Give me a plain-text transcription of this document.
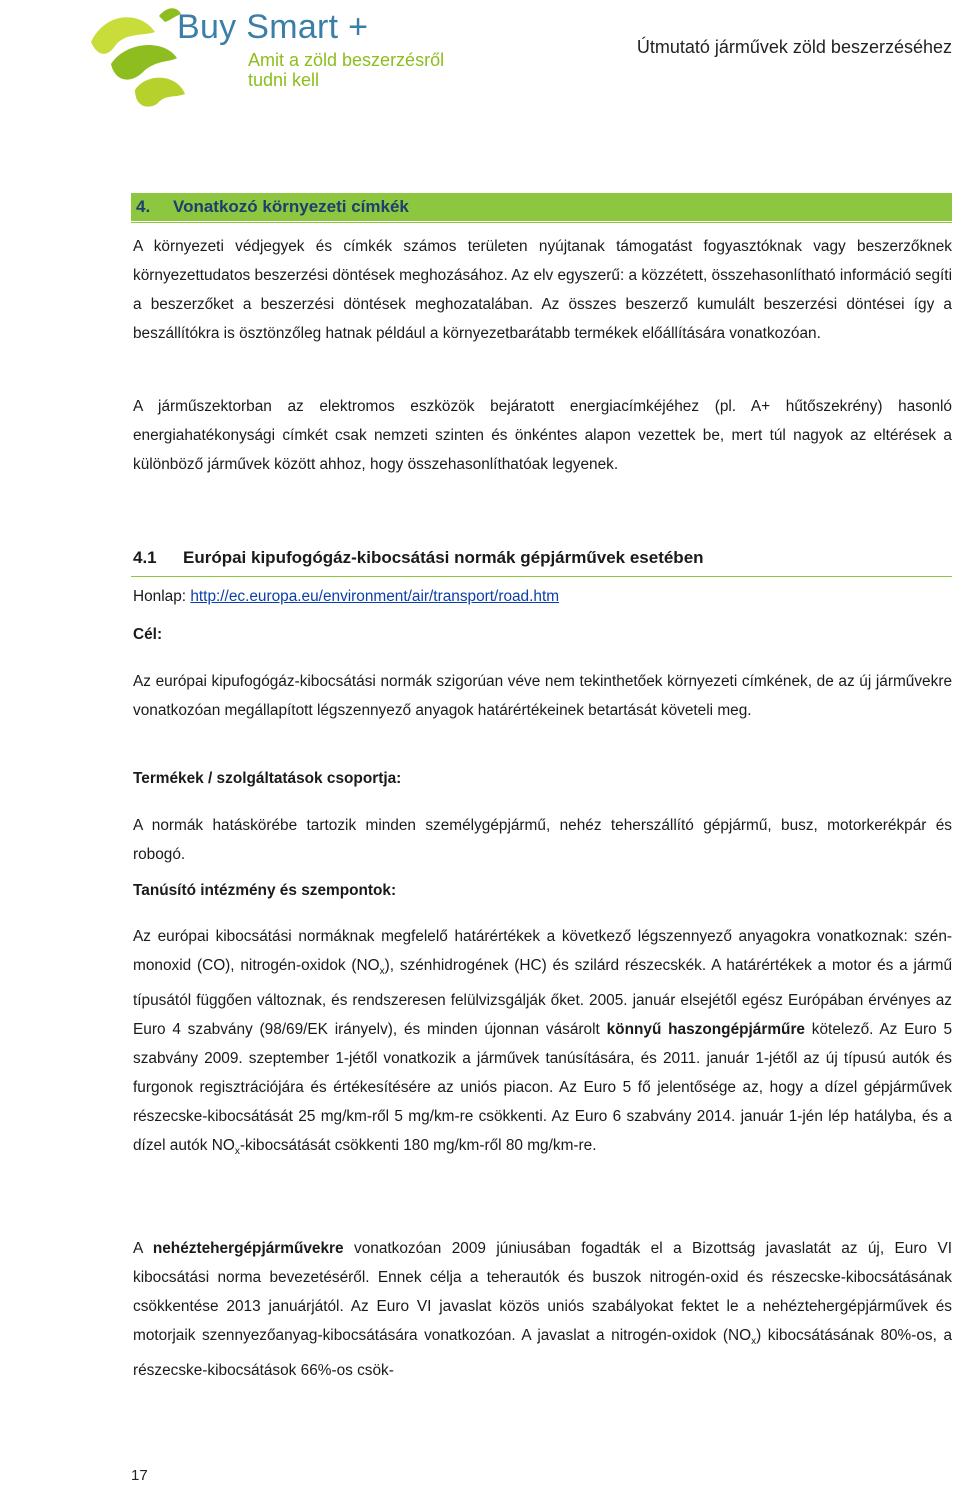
Buy Smart +
Amit a zöld beszerzésről
tudni kell
Útmutató járművek zöld beszerzéséhez
4. Vonatkozó környezeti címkék
A környezeti védjegyek és címkék számos területen nyújtanak támogatást fogyasztóknak vagy beszerzőknek környezettudatos beszerzési döntések meghozásához. Az elv egyszerű: a közzétett, összehasonlítható információ segíti a beszerzőket a beszerzési döntések meghozatalában. Az összes beszerző kumulált beszerzési döntései így a beszállítókra is ösztönzőleg hatnak például a környezetbarátabb termékek előállítására vonatkozóan.
A járműszektorban az elektromos eszközök bejáratott energiacímkéjéhez (pl. A+ hűtőszekrény) hasonló energiahatékonysági címkét csak nemzeti szinten és önkéntes alapon vezettek be, mert túl nagyok az eltérések a különböző járművek között ahhoz, hogy összehasonlíthatóak legyenek.
4.1 Európai kipufogógáz-kibocsátási normák gépjárművek esetében
Honlap: http://ec.europa.eu/environment/air/transport/road.htm
Cél:
Az európai kipufogógáz-kibocsátási normák szigorúan véve nem tekinthetőek környezeti címkének, de az új járművekre vonatkozóan megállapított légszennyező anyagok határértékeinek betartását követeli meg.
Termékek / szolgáltatások csoportja:
A normák hatáskörébe tartozik minden személygépjármű, nehéz teherszállító gépjármű, busz, motorkerékpár és robogó.
Tanúsító intézmény és szempontok:
Az európai kibocsátási normáknak megfelelő határértékek a következő légszennyező anyagokra vonatkoznak: szén-monoxid (CO), nitrogén-oxidok $(NO_x)$, szénhidrogének (HC) és szilárd részecskék. A határértékek a motor és a jármű típusától függően változnak, és rendszeresen felülvizsgálják őket. 2005. január elsejétől egész Európában érvényes az Euro 4 szabvány (98/69/EK irányelv), és minden újonnan vásárolt könnyű haszongépjárműre kötelező. Az Euro 5 szabvány 2009. szeptember 1-jétől vonatkozik a járművek tanúsítására, és 2011. január 1-jétől az új típusú autók és furgonok regisztrációjára és értékesítésére az uniós piacon. Az Euro 5 fő jelentősége az, hogy a dízel gépjárművek részecske-kibocsátását 25 mg/km-ről 5 mg/km-re csökkenti. Az Euro 6 szabvány 2014. január 1-jén lép hatályba, és a dízel autók $NO_x$-kibocsátását csökkenti 180 mg/km-ről 80 mg/km-re.
A nehéztehergépjárművekre vonatkozóan 2009 júniusában fogadták el a Bizottság javaslatát az új, Euro VI kibocsátási norma bevezetéséről. Ennek célja a teherautók és buszok nitrogén-oxid és részecske-kibocsátásának csökkentése 2013 januárjától. Az Euro VI javaslat közös uniós szabályokat fektet le a nehéztehergépjárművek és motorjaik szennyezőanyag-kibocsátására vonatkozóan. A javaslat a nitrogén-oxidok $(NO_x)$ kibocsátásának 80%-os, a részecske-kibocsátások 66%-os csök-
17
